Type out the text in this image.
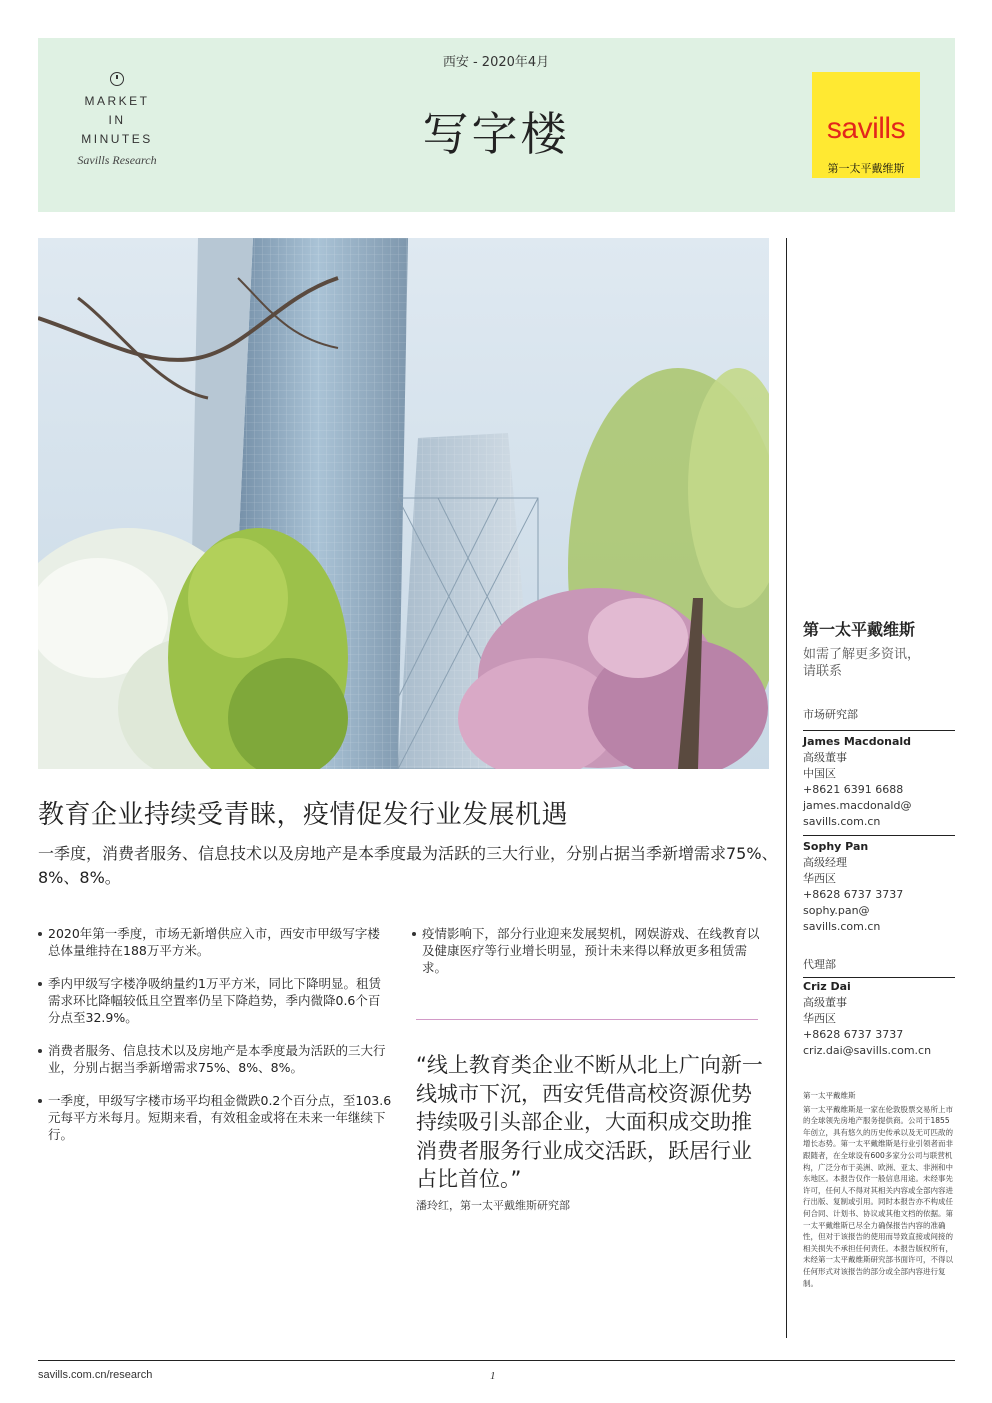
MARKET
IN
MINUTES
Savills Research
西安 - 2020年4月
写字楼	savills
第一太平戴维斯
第一太平戴维斯
如需了解更多资讯，
请联系
市场研究部
James Macdonald
高级董事
中国区
+8621 6391 6688
james.macdonald@
savills.com.cn
Sophy Pan
高级经理
华西区
+8628 6737 3737
sophy.pan@
savills.com.cn
代理部
Criz Dai
高级董事
华西区
+8628 6737 3737
criz.dai@savills.com.cn
第一太平戴维斯
第一太平戴维斯是一家在伦敦股票交易所上市的全球领先房地产服务提供商。公司于1855年创立，具有悠久的历史传承以及无可匹敌的增长态势。第一太平戴维斯是行业引领者而非跟随者，在全球设有600多家分公司与联营机构，广泛分布于美洲、欧洲、亚太、非洲和中东地区。本报告仅作一般信息用途。未经事先许可，任何人不得对其相关内容或全部内容进行出版、复制或引用。同时本报告亦不构成任何合同、计划书、协议或其他文档的依据。第一太平戴维斯已尽全力确保报告内容的准确性，但对于该报告的使用而导致直接或间接的相关损失不承担任何责任。本报告版权所有，未经第一太平戴维斯研究部书面许可，不得以任何形式对该报告的部分或全部内容进行复制。
教育企业持续受青睐，疫情促发行业发展机遇
一季度，消费者服务、信息技术以及房地产是本季度最为活跃的三大行业，分别占据当季新增需求75%、8%、8%。
2020年第一季度，市场无新增供应入市，西安市甲级写字楼总体量维持在188万平方米。
季内甲级写字楼净吸纳量约1万平方米，同比下降明显。租赁需求环比降幅较低且空置率仍呈下降趋势，季内微降0.6个百分点至32.9%。
消费者服务、信息技术以及房地产是本季度最为活跃的三大行业，分别占据当季新增需求75%、8%、8%。
一季度，甲级写字楼市场平均租金微跌0.2个百分点，至103.6元每平方米每月。短期来看，有效租金或将在未来一年继续下行。
疫情影响下，部分行业迎来发展契机，网娱游戏、在线教育以及健康医疗等行业增长明显，预计未来得以释放更多租赁需求。
“线上教育类企业不断从北上广向新一线城市下沉，西安凭借高校资源优势持续吸引头部企业，大面积成交助推消费者服务行业成交活跃，跃居行业占比首位。”
潘玲红，第一太平戴维斯研究部
savills.com.cn/research	1
